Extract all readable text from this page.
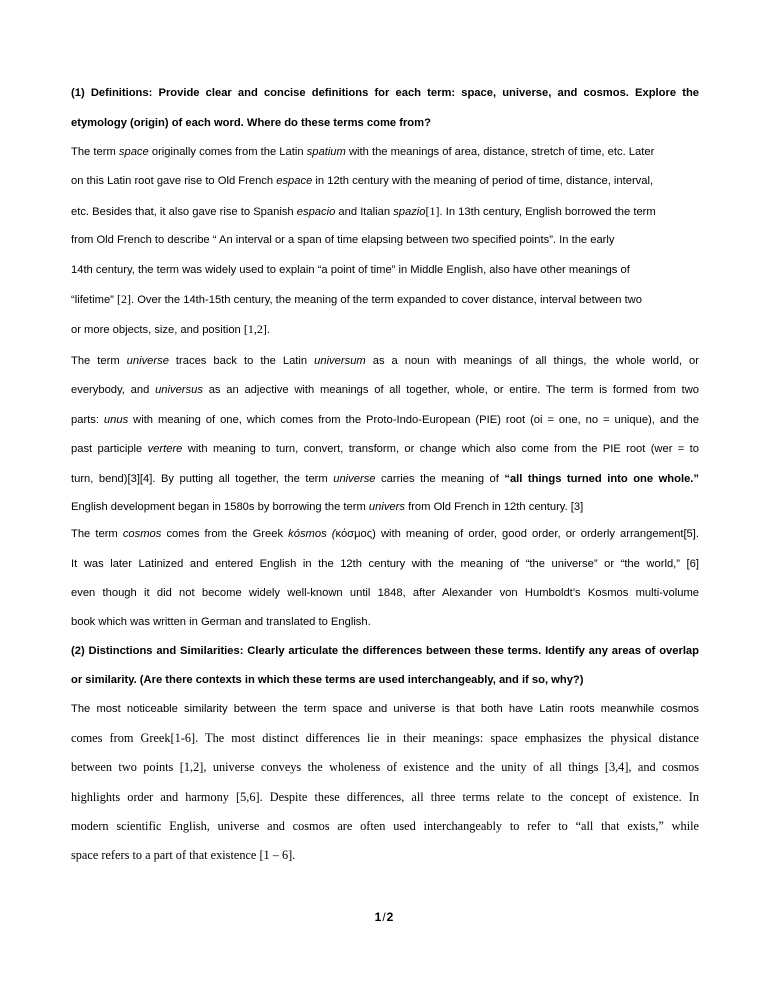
(1) Definitions: Provide clear and concise definitions for each term: space, universe, and cosmos. Explore the
etymology (origin) of each word. Where do these terms come from?
The term space originally comes from the Latin spatium with the meanings of area, distance, stretch of time, etc. Later
on this Latin root gave rise to Old French espace in 12th century with the meaning of period of time, distance, interval,
etc. Besides that, it also gave rise to Spanish espacio and Italian spazio[1]. In 13th century, English borrowed the term
from Old French to describe “ An interval or a span of time elapsing between two specified points”. In the early
14th century, the term was widely used to explain “a point of time” in Middle English, also have other meanings of
“lifetime” [2]. Over the 14th-15th century, the meaning of the term expanded to cover distance, interval between two
or more objects, size, and position [1,2].
The term universe traces back to the Latin universum as a noun with meanings of all things, the whole world, or
everybody, and universus as an adjective with meanings of all together, whole, or entire. The term is formed from two
parts: unus with meaning of one, which comes from the Proto-Indo-European (PIE) root (oi = one, no = unique), and the
past participle vertere with meaning to turn, convert, transform, or change which also come from the PIE root (wer = to
turn, bend)[3][4]. By putting all together, the term universe carries the meaning of “all things turned into one whole.”
English development began in 1580s by borrowing the term univers from Old French in 12th century. [3]
The term cosmos comes from the Greek kósmos (κόσμος) with meaning of order, good order, or orderly arrangement[5].
It was later Latinized and entered English in the 12th century with the meaning of “the universe” or “the world,” [6]
even though it did not become widely well-known until 1848, after Alexander von Humboldt’s Kosmos multi-volume
book which was written in German and translated to English.
(2) Distinctions and Similarities: Clearly articulate the differences between these terms. Identify any areas of overlap
or similarity. (Are there contexts in which these terms are used interchangeably, and if so, why?)
The most noticeable similarity between the term space and universe is that both have Latin roots meanwhile cosmos
comes from Greek[1-6]. The most distinct differences lie in their meanings: space emphasizes the physical distance
between two points [1,2], universe conveys the wholeness of existence and the unity of all things [3,4], and cosmos
highlights order and harmony [5,6]. Despite these differences, all three terms relate to the concept of existence. In
modern scientific English, universe and cosmos are often used interchangeably to refer to “all that exists,” while
space refers to a part of that existence [1 – 6].
1/2
